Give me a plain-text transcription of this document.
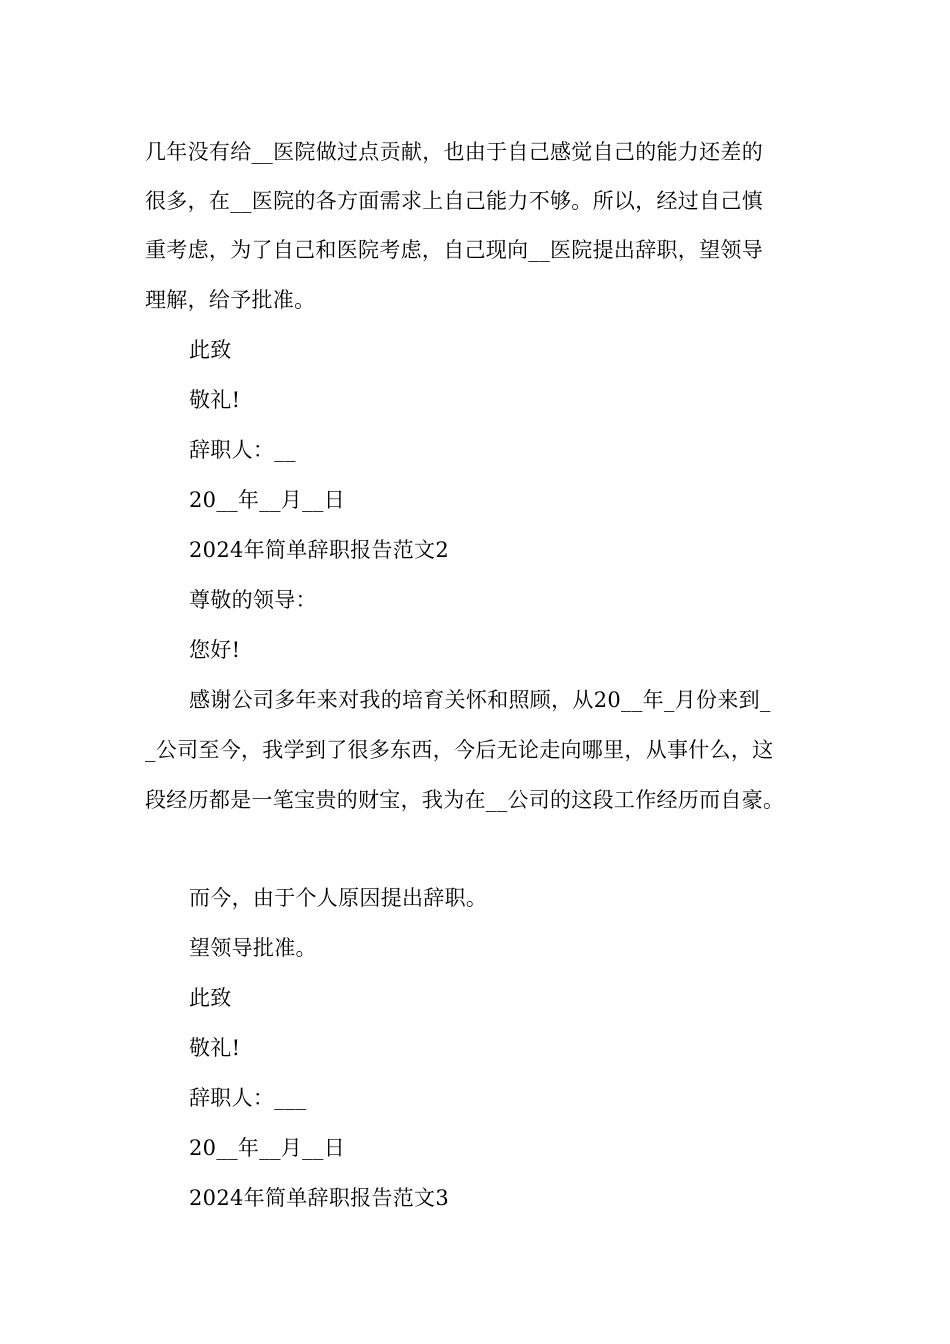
几年没有给__医院做过点贡献，也由于自己感觉自己的能力还差的
很多，在__医院的各方面需求上自己能力不够。所以，经过自己慎
重考虑，为了自己和医院考虑，自己现向__医院提出辞职，望领导
理解，给予批准。
此致
敬礼!
辞职人：__
20__年__月__日
2024年简单辞职报告范文2
尊敬的领导：
您好!
感谢公司多年来对我的培育关怀和照顾，从20__年_月份来到_
_公司至今，我学到了很多东西，今后无论走向哪里，从事什么，这
段经历都是一笔宝贵的财宝，我为在__公司的这段工作经历而自豪。
而今，由于个人原因提出辞职。
望领导批准。
此致
敬礼!
辞职人：___
20__年__月__日
2024年简单辞职报告范文3
